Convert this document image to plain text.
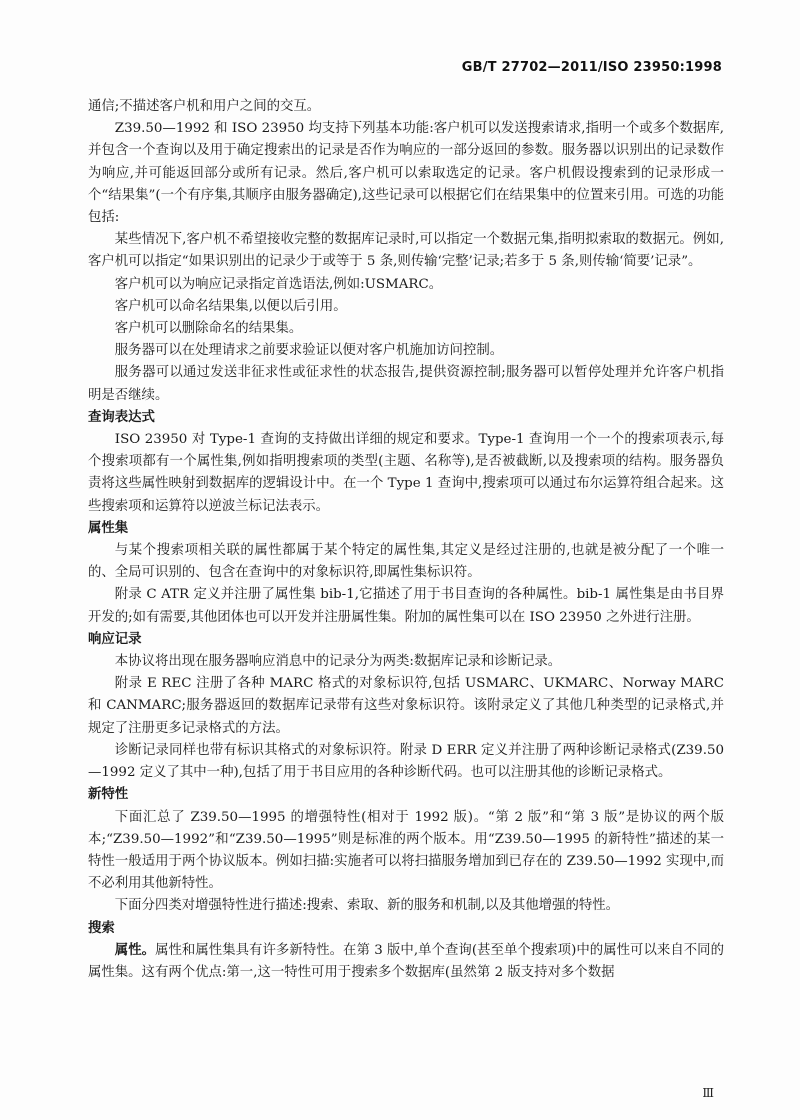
GB/T 27702—2011/ISO 23950:1998

通信;不描述客户机和用户之间的交互。

Z39.50—1992 和 ISO 23950 均支持下列基本功能:客户机可以发送搜索请求,指明一个或多个数据库,并包含一个查询以及用于确定搜索出的记录是否作为响应的一部分返回的参数。服务器以识别出的记录数作为响应,并可能返回部分或所有记录。然后,客户机可以索取选定的记录。客户机假设搜索到的记录形成一个“结果集”(一个有序集,其顺序由服务器确定),这些记录可以根据它们在结果集中的位置来引用。可选的功能包括:

某些情况下,客户机不希望接收完整的数据库记录时,可以指定一个数据元集,指明拟索取的数据元。例如,客户机可以指定“如果识别出的记录少于或等于 5 条,则传输‘完整’记录;若多于 5 条,则传输‘简要’记录”。

客户机可以为响应记录指定首选语法,例如:USMARC。

客户机可以命名结果集,以便以后引用。

客户机可以删除命名的结果集。

服务器可以在处理请求之前要求验证以便对客户机施加访问控制。

服务器可以通过发送非征求性或征求性的状态报告,提供资源控制;服务器可以暂停处理并允许客户机指明是否继续。

查询表达式

ISO 23950 对 Type-1 查询的支持做出详细的规定和要求。Type-1 查询用一个一个的搜索项表示,每个搜索项都有一个属性集,例如指明搜索项的类型(主题、名称等),是否被截断,以及搜索项的结构。服务器负责将这些属性映射到数据库的逻辑设计中。在一个 Type 1 查询中,搜索项可以通过布尔运算符组合起来。这些搜索项和运算符以逆波兰标记法表示。

属性集

与某个搜索项相关联的属性都属于某个特定的属性集,其定义是经过注册的,也就是被分配了一个唯一的、全局可识别的、包含在查询中的对象标识符,即属性集标识符。

附录 C ATR 定义并注册了属性集 bib-1,它描述了用于书目查询的各种属性。bib-1 属性集是由书目界开发的;如有需要,其他团体也可以开发并注册属性集。附加的属性集可以在 ISO 23950 之外进行注册。

响应记录

本协议将出现在服务器响应消息中的记录分为两类:数据库记录和诊断记录。

附录 E REC 注册了各种 MARC 格式的对象标识符,包括 USMARC、UKMARC、Norway MARC 和 CANMARC;服务器返回的数据库记录带有这些对象标识符。该附录定义了其他几种类型的记录格式,并规定了注册更多记录格式的方法。

诊断记录同样也带有标识其格式的对象标识符。附录 D ERR 定义并注册了两种诊断记录格式(Z39.50—1992 定义了其中一种),包括了用于书目应用的各种诊断代码。也可以注册其他的诊断记录格式。

新特性

下面汇总了 Z39.50—1995 的增强特性(相对于 1992 版)。“第 2 版”和“第 3 版”是协议的两个版本;“Z39.50—1992”和“Z39.50—1995”则是标准的两个版本。用“Z39.50—1995 的新特性”描述的某一特性一般适用于两个协议版本。例如扫描:实施者可以将扫描服务增加到已存在的 Z39.50—1992 实现中,而不必利用其他新特性。

下面分四类对增强特性进行描述:搜索、索取、新的服务和机制,以及其他增强的特性。

搜索

属性。属性和属性集具有许多新特性。在第 3 版中,单个查询(甚至单个搜索项)中的属性可以来自不同的属性集。这有两个优点:第一,这一特性可用于搜索多个数据库(虽然第 2 版支持对多个数据

Ⅲ
